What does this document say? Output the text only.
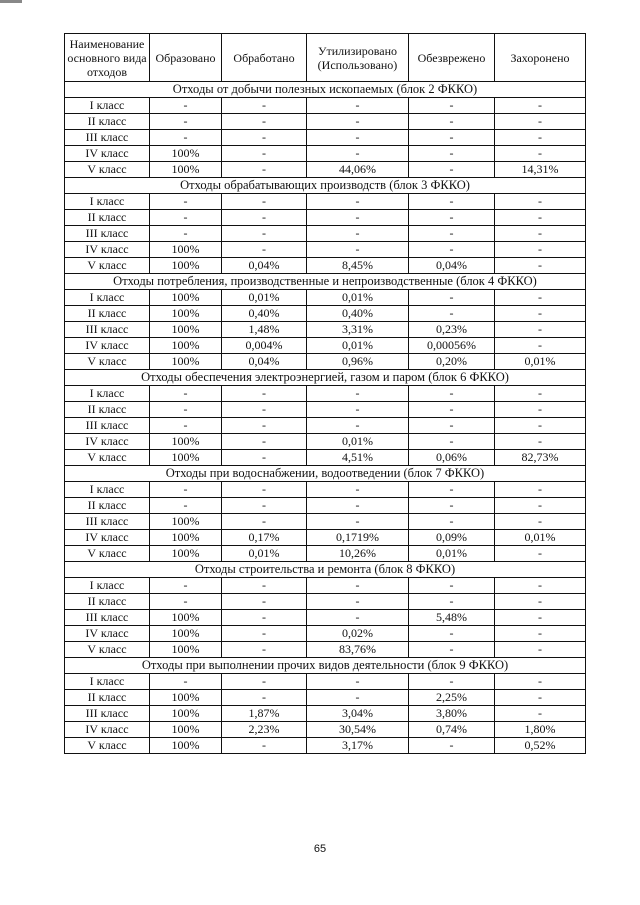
Наименование основного вида отходов	Образовано	Обработано	Утилизировано (Использовано)	Обезврежено	Захоронено
Отходы от добычи полезных ископаемых (блок 2 ФККО)					
I класс	-	-	-	-	-
II класс	-	-	-	-	-
III класс	-	-	-	-	-
IV класс	100%	-	-	-	-
V класс	100%	-	44,06%	-	14,31%
Отходы обрабатывающих производств (блок 3 ФККО)					
I класс	-	-	-	-	-
II класс	-	-	-	-	-
III класс	-	-	-	-	-
IV класс	100%	-	-	-	-
V класс	100%	0,04%	8,45%	0,04%	-
Отходы потребления, производственные и непроизводственные (блок 4 ФККО)					
I класс	100%	0,01%	0,01%	-	-
II класс	100%	0,40%	0,40%	-	-
III класс	100%	1,48%	3,31%	0,23%	-
IV класс	100%	0,004%	0,01%	0,00056%	-
V класс	100%	0,04%	0,96%	0,20%	0,01%
Отходы обеспечения электроэнергией, газом и паром (блок 6 ФККО)					
I класс	-	-	-	-	-
II класс	-	-	-	-	-
III класс	-	-	-	-	-
IV класс	100%	-	0,01%	-	-
V класс	100%	-	4,51%	0,06%	82,73%
Отходы при водоснабжении, водоотведении (блок 7 ФККО)					
I класс	-	-	-	-	-
II класс	-	-	-	-	-
III класс	100%	-	-	-	-
IV класс	100%	0,17%	0,1719%	0,09%	0,01%
V класс	100%	0,01%	10,26%	0,01%	-
Отходы строительства и ремонта (блок 8 ФККО)					
I класс	-	-	-	-	-
II класс	-	-	-	-	-
III класс	100%	-	-	5,48%	-
IV класс	100%	-	0,02%	-	-
V класс	100%	-	83,76%	-	-
Отходы при выполнении прочих видов деятельности (блок 9 ФККО)					
I класс	-	-	-	-	-
II класс	100%	-	-	2,25%	-
III класс	100%	1,87%	3,04%	3,80%	-
IV класс	100%	2,23%	30,54%	0,74%	1,80%
V класс	100%	-	3,17%	-	0,52%
65
